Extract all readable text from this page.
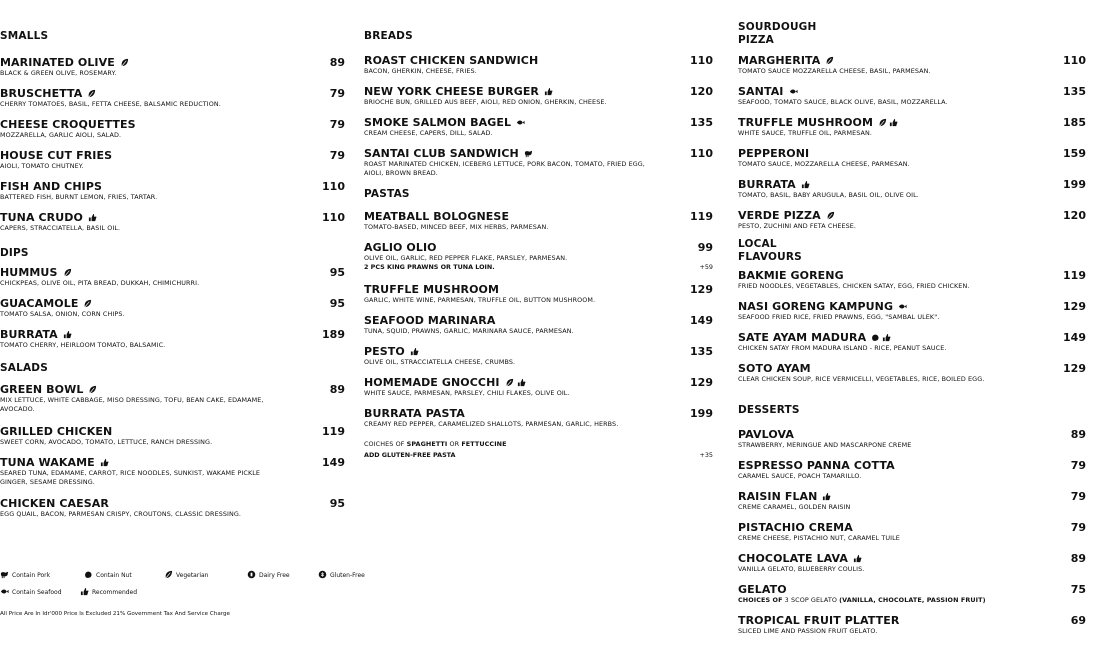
SMALLS
MARINATED OLIVE	89
BLACK & GREEN OLIVE, ROSEMARY.
BRUSCHETTA	79
CHERRY TOMATOES, BASIL, FETTA CHEESE, BALSAMIC REDUCTION.
CHEESE CROQUETTES	79
MOZZARELLA, GARLIC AIOLI, SALAD.
HOUSE CUT FRIES	79
AIOLI, TOMATO CHUTNEY.
FISH AND CHIPS	110
BATTERED FISH, BURNT LEMON, FRIES, TARTAR.
TUNA CRUDO	110
CAPERS, STRACCIATELLA, BASIL OIL.
DIPS
HUMMUS	95
CHICKPEAS, OLIVE OIL, PITA BREAD, DUKKAH, CHIMICHURRI.
GUACAMOLE	95
TOMATO SALSA, ONION, CORN CHIPS.
BURRATA	189
TOMATO CHERRY, HEIRLOOM TOMATO, BALSAMIC.
SALADS
GREEN BOWL	89
MIX LETTUCE, WHITE CABBAGE, MISO DRESSING, TOFU, BEAN CAKE, EDAMAME, AVOCADO.
GRILLED CHICKEN	119
SWEET CORN, AVOCADO, TOMATO, LETTUCE, RANCH DRESSING.
TUNA WAKAME	149
SEARED TUNA, EDAMAME, CARROT, RICE NOODLES, SUNKIST, WAKAME PICKLE GINGER, SESAME DRESSING.
CHICKEN CAESAR	95
EGG QUAIL, BACON, PARMESAN CRISPY, CROUTONS, CLASSIC DRESSING.
Contain Pork	Contain Nut	Vegetarian	Dairy Free	Gluten-Free
Contain Seafood	Recommended
All Price Are In Idr'000 Price Is Excluded 21% Government Tax And Service Charge
BREADS
ROAST CHICKEN SANDWICH	110
BACON, GHERKIN, CHEESE, FRIES.
NEW YORK CHEESE BURGER	120
BRIOCHE BUN, GRILLED AUS BEEF, AIOLI, RED ONION, GHERKIN, CHEESE.
SMOKE SALMON BAGEL	135
CREAM CHEESE, CAPERS, DILL, SALAD.
SANTAI CLUB SANDWICH	110
ROAST MARINATED CHICKEN, ICEBERG LETTUCE, PORK BACON, TOMATO, FRIED EGG, AIOLI, BROWN BREAD.
PASTAS
MEATBALL BOLOGNESE	119
TOMATO-BASED, MINCED BEEF, MIX HERBS, PARMESAN.
AGLIO OLIO	99
OLIVE OIL, GARLIC, RED PEPPER FLAKE, PARSLEY, PARMESAN.
2 PCS KING PRAWNS OR TUNA LOIN.	+59
TRUFFLE MUSHROOM	129
GARLIC, WHITE WINE, PARMESAN, TRUFFLE OIL, BUTTON MUSHROOM.
SEAFOOD MARINARA	149
TUNA, SQUID, PRAWNS, GARLIC, MARINARA SAUCE, PARMESAN.
PESTO	135
OLIVE OIL, STRACCIATELLA CHEESE, CRUMBS.
HOMEMADE GNOCCHI	129
WHITE SAUCE, PARMESAN, PARSLEY, CHILI FLAKES, OLIVE OIL.
BURRATA PASTA	199
CREAMY RED PEPPER, CARAMELIZED SHALLOTS, PARMESAN, GARLIC, HERBS.
COICHES OF SPAGHETTI OR FETTUCCINE
ADD GLUTEN-FREE PASTA	+35
SOURDOUGH
PIZZA
MARGHERITA	110
TOMATO SAUCE MOZZARELLA CHEESE, BASIL, PARMESAN.
SANTAI	135
SEAFOOD, TOMATO SAUCE, BLACK OLIVE, BASIL, MOZZARELLA.
TRUFFLE MUSHROOM	185
WHITE SAUCE, TRUFFLE OIL, PARMESAN.
PEPPERONI	159
TOMATO SAUCE, MOZZARELLA CHEESE, PARMESAN.
BURRATA	199
TOMATO, BASIL, BABY ARUGULA, BASIL OIL, OLIVE OIL.
VERDE PIZZA	120
PESTO, ZUCHINI AND FETA CHEESE.
LOCAL
FLAVOURS
BAKMIE GORENG	119
FRIED NOODLES, VEGETABLES, CHICKEN SATAY, EGG, FRIED CHICKEN.
NASI GORENG KAMPUNG	129
SEAFOOD FRIED RICE, FRIED PRAWNS, EGG, "SAMBAL ULEK".
SATE AYAM MADURA	149
CHICKEN SATAY FROM MADURA ISLAND - RICE, PEANUT SAUCE.
SOTO AYAM	129
CLEAR CHICKEN SOUP, RICE VERMICELLI, VEGETABLES, RICE, BOILED EGG.
DESSERTS
PAVLOVA	89
STRAWBERRY, MERINGUE AND MASCARPONE CREME
ESPRESSO PANNA COTTA	79
CARAMEL SAUCE, POACH TAMARILLO.
RAISIN FLAN	79
CREME CARAMEL, GOLDEN RAISIN
PISTACHIO CREMA	79
CREME CHEESE, PISTACHIO NUT, CARAMEL TUILE
CHOCOLATE LAVA	89
VANILLA GELATO, BLUEBERRY COULIS.
GELATO	75
CHOICES OF 3 SCOP GELATO (VANILLA, CHOCOLATE, PASSION FRUIT)
TROPICAL FRUIT PLATTER	69
SLICED LIME AND PASSION FRUIT GELATO.
